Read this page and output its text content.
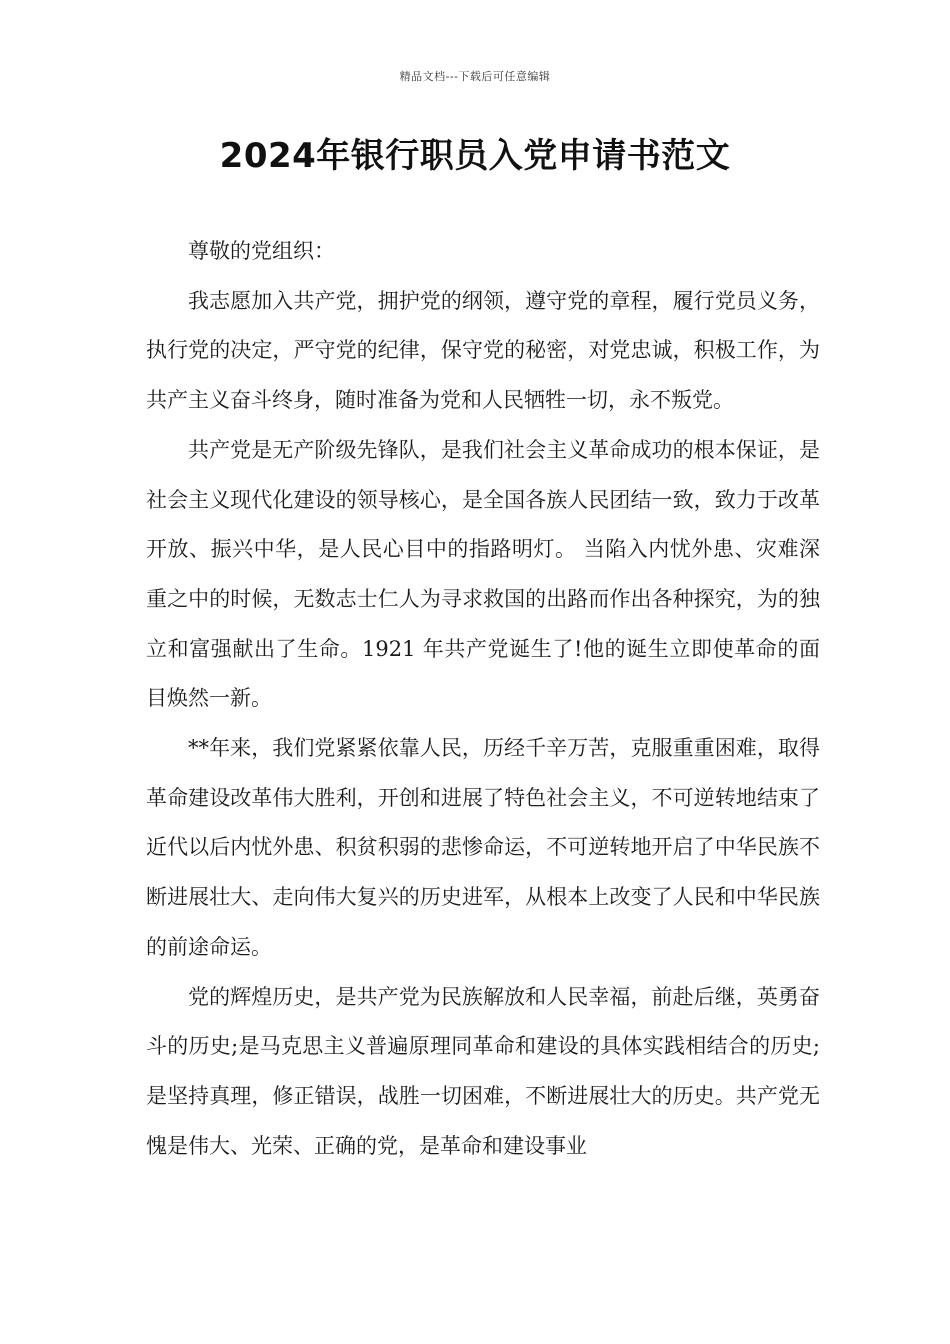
精品文档---下载后可任意编辑
2024年银行职员入党申请书范文

尊敬的党组织：

我志愿加入共产党，拥护党的纲领，遵守党的章程，履行党员义务，执行党的决定，严守党的纪律，保守党的秘密，对党忠诚，积极工作，为共产主义奋斗终身，随时准备为党和人民牺牲一切，永不叛党。

共产党是无产阶级先锋队，是我们社会主义革命成功的根本保证，是社会主义现代化建设的领导核心，是全国各族人民团结一致，致力于改革开放、振兴中华，是人民心目中的指路明灯。 当陷入内忧外患、灾难深重之中的时候，无数志士仁人为寻求救国的出路而作出各种探究，为的独立和富强献出了生命。1921 年共产党诞生了!他的诞生立即使革命的面目焕然一新。

**年来，我们党紧紧依靠人民，历经千辛万苦，克服重重困难，取得革命建设改革伟大胜利，开创和进展了特色社会主义，不可逆转地结束了近代以后内忧外患、积贫积弱的悲惨命运，不可逆转地开启了中华民族不断进展壮大、走向伟大复兴的历史进军，从根本上改变了人民和中华民族的前途命运。

党的辉煌历史，是共产党为民族解放和人民幸福，前赴后继，英勇奋斗的历史;是马克思主义普遍原理同革命和建设的具体实践相结合的历史;是坚持真理，修正错误，战胜一切困难，不断进展壮大的历史。共产党无愧是伟大、光荣、正确的党，是革命和建设事业
